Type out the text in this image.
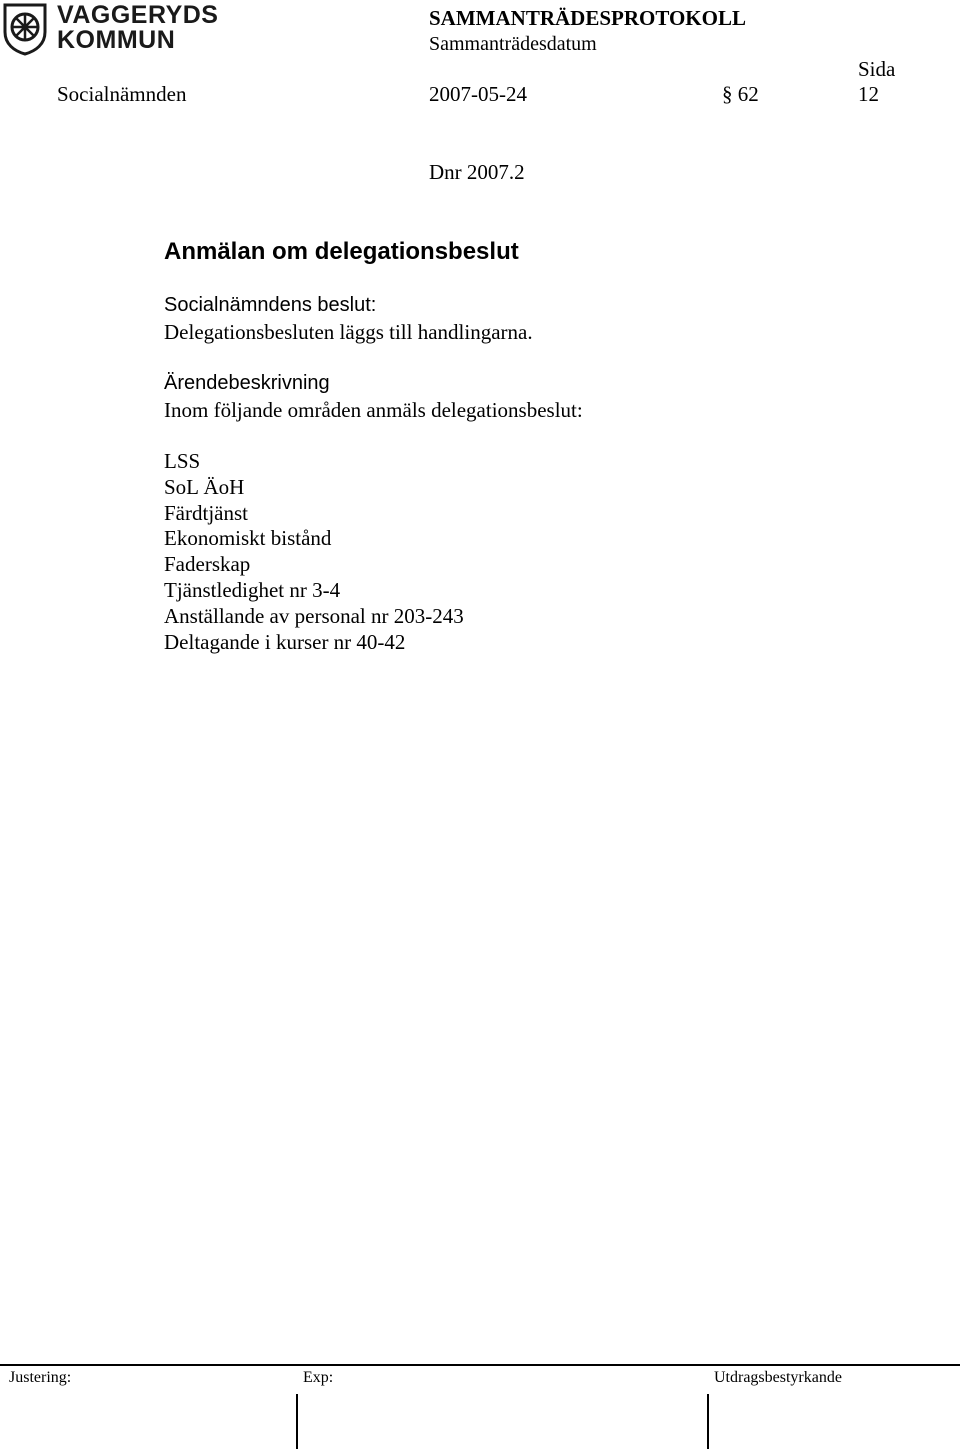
VAGGERYDS
KOMMUN
SAMMANTRÄDESPROTOKOLL
Sammanträdesdatum
Sida
Socialnämnden	2007-05-24	§ 62	12
Dnr 2007.2
Anmälan om delegationsbeslut
Socialnämndens beslut:
Delegationsbesluten läggs till handlingarna.
Ärendebeskrivning
Inom följande områden anmäls delegationsbeslut:
LSS
SoL ÄoH
Färdtjänst
Ekonomiskt bistånd
Faderskap
Tjänstledighet nr 3-4
Anställande av personal nr 203-243
Deltagande i kurser nr 40-42
Justering:	Exp:	Utdragsbestyrkande
